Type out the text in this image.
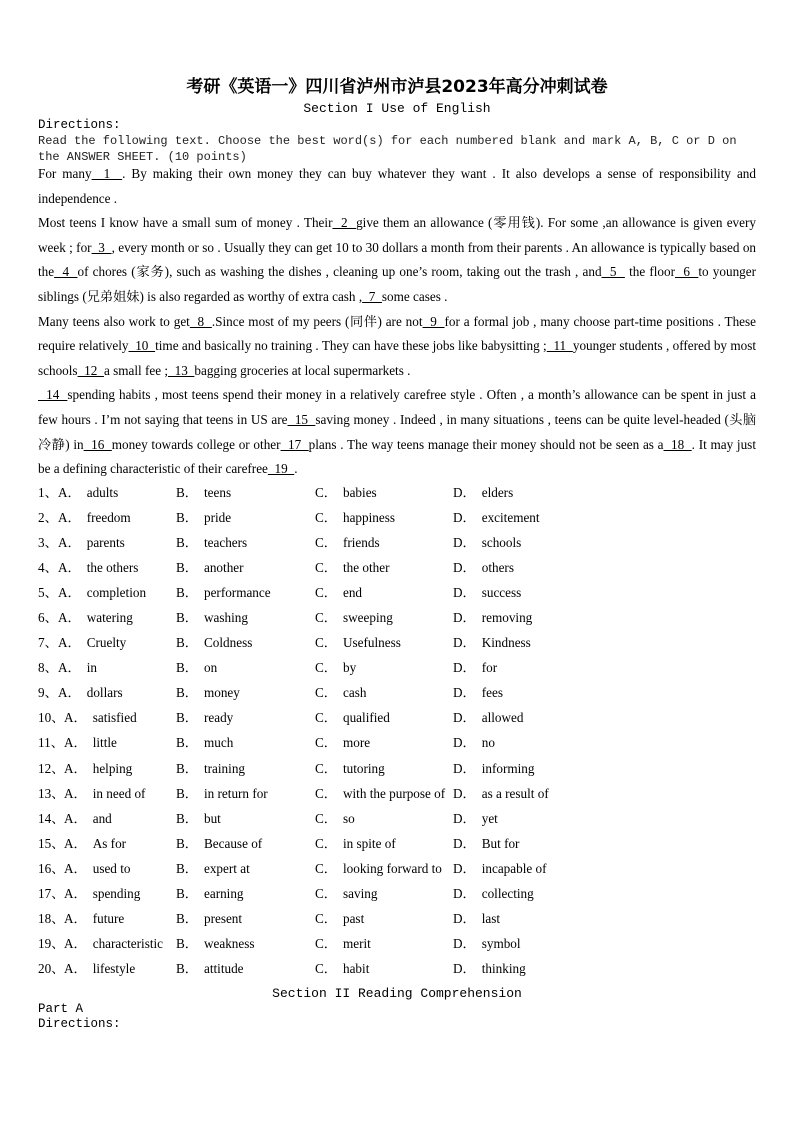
考研《英语一》四川省泸州市泸县2023年高分冲刺试卷
Section I Use of English
Directions:
Read the following text. Choose the best word(s) for each numbered blank and mark A, B, C or D on the ANSWER SHEET. (10 points)

For many  1  . By making their own money they can buy whatever they want . It also develops a sense of responsibility and independence .

Most teens I know have a small sum of money . Their  2  give them an allowance (零用钱). For some ,an allowance is given every week ; for  3  , every month or so . Usually they can get 10 to 30 dollars a month from their parents . An allowance is typically based on the  4  of chores (家务), such as washing the dishes , cleaning up one’s room, taking out the trash , and  5   the floor  6  to younger siblings (兄弟姐妹) is also regarded as worthy of extra cash ,  7  some cases .

Many teens also work to get  8  .Since most of my peers (同伴) are not  9  for a formal job , many choose part-time positions . These require relatively  10  time and basically no training . They can have these jobs like babysitting ;  11  younger students , offered by most schools  12  a small fee ;  13  bagging groceries at local supermarkets .

14  spending habits , most teens spend their money in a relatively carefree style . Often , a month’s allowance can be spent in just a few hours . I’m not saying that teens in US are  15  saving money . Indeed , in many situations , teens can be quite level-headed (头脑冷静) in  16  money towards college or other  17  plans . The way teens manage their money should not be seen as a  18  . It may just be a defining characteristic of their carefree  19  .

1、 A． adults	B． teens	C． babies	D． elders
2、 A． freedom	B． pride	C． happiness	D． excitement
3、 A． parents	B． teachers	C． friends	D． schools
4、 A． the others	B． another	C． the other	D． others
5、 A． completion B． performance	C． end	D． success
6、 A． watering	B． washing	C． sweeping	D． removing
7、 A． Cruelty	B． Coldness	C． Usefulness	D． Kindness
8、 A． in	B． on	C． by	D． for
9、 A． dollars	B． money	C． cash	D． fees
10、 A． satisfied	B． ready	C． qualified	D． allowed
11、 A． little	B． much	C． more	D． no
12、 A． helping	B． training	C． tutoring	D． informing
13、 A． in need of B． in return for	C． with the purpose of D． as a result of
14、 A． and	B． but	C． so	D． yet
15、 A． As for	B． Because of	C． in spite of	D． But for
16、 A． used to	B． expert at	C． looking forward to D． incapable of
17、 A． spending	B． earning	C． saving	D． collecting
18、 A． future	B． present	C． past	D． last
19、 A． characteristic B． weakness	C． merit	D． symbol
20、 A． lifestyle	B． attitude	C． habit	D． thinking
Section II Reading Comprehension
Part A
Directions:
